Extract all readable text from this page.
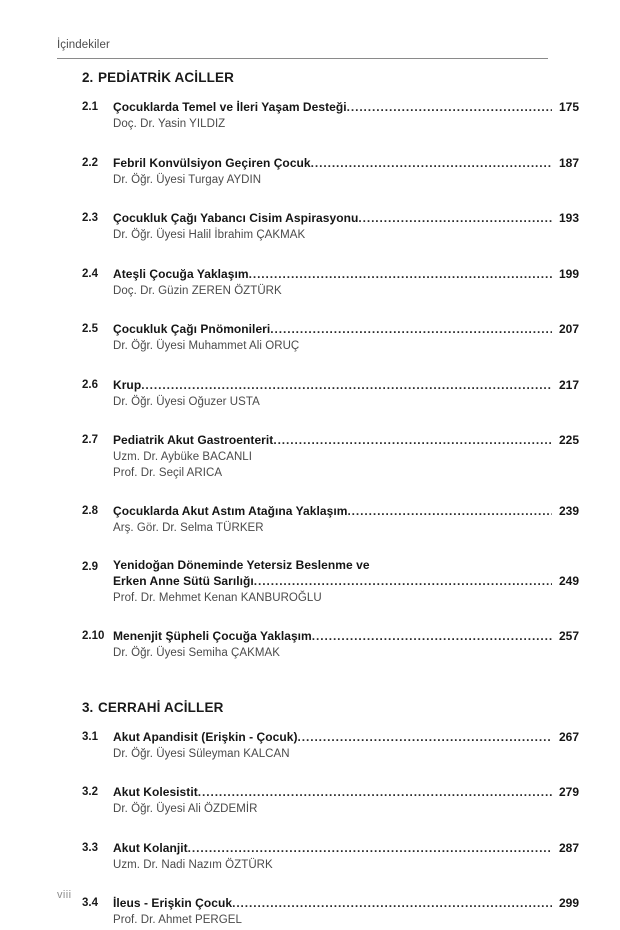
İçindekiler
2. PEDİATRİK ACİLLER
2.1	Çocuklarda Temel ve İleri Yaşam Desteği .....	175
Doç. Dr. Yasin YILDIZ
2.2	Febril Konvülsiyon Geçiren Çocuk .....	187
Dr. Öğr. Üyesi Turgay AYDIN
2.3	Çocukluk Çağı Yabancı Cisim Aspirasyonu .....	193
Dr. Öğr. Üyesi Halil İbrahim ÇAKMAK
2.4	Ateşli Çocuğa Yaklaşım .....	199
Doç. Dr. Güzin ZEREN ÖZTÜRK
2.5	Çocukluk Çağı Pnömonileri .....	207
Dr. Öğr. Üyesi Muhammet Ali ORUÇ
2.6	Krup .....	217
Dr. Öğr. Üyesi Oğuzer USTA
2.7	Pediatrik Akut Gastroenterit .....	225
Uzm. Dr. Aybüke BACANLI
Prof. Dr. Seçil ARICA
2.8	Çocuklarda Akut Astım Atağına Yaklaşım .....	239
Arş. Gör. Dr. Selma TÜRKER
2.9	Yenidoğan Döneminde Yetersiz Beslenme ve
Erken Anne Sütü Sarılığı .....	249
Prof. Dr. Mehmet Kenan KANBUROĞLU
2.10 Menenjit Şüpheli Çocuğa Yaklaşım .....	257
Dr. Öğr. Üyesi Semiha ÇAKMAK
3. CERRAHİ ACİLLER
3.1	Akut Apandisit (Erişkin - Çocuk) .....	267
Dr. Öğr. Üyesi Süleyman KALCAN
3.2	Akut Kolesistit .....	279
Dr. Öğr. Üyesi Ali ÖZDEMİR
3.3	Akut Kolanjit .....	287
Uzm. Dr. Nadi Nazım ÖZTÜRK
3.4	İleus - Erişkin Çocuk .....	299
Prof. Dr. Ahmet PERGEL
viii
